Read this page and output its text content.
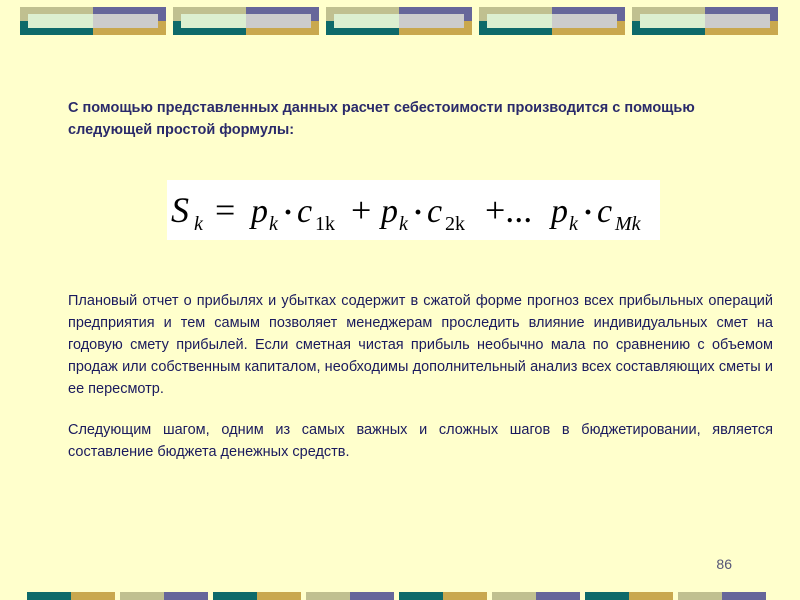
С помощью представленных данных расчет себестоимости производится с помощью следующей простой формулы:
S k = p k · c 1k + p k · c 2k +... p k · c Mk
Плановый отчет о прибылях и убытках содержит в сжатой форме прогноз всех прибыльных операций предприятия и тем самым позволяет менеджерам проследить влияние индивидуальных смет на годовую смету прибылей. Если сметная чистая прибыль необычно мала по сравнению с объемом продаж или собственным капиталом, необходимы дополнительный анализ всех составляющих сметы и ее пересмотр.
Следующим шагом, одним из самых важных и сложных шагов в бюджетировании, является составление бюджета денежных средств.
86
